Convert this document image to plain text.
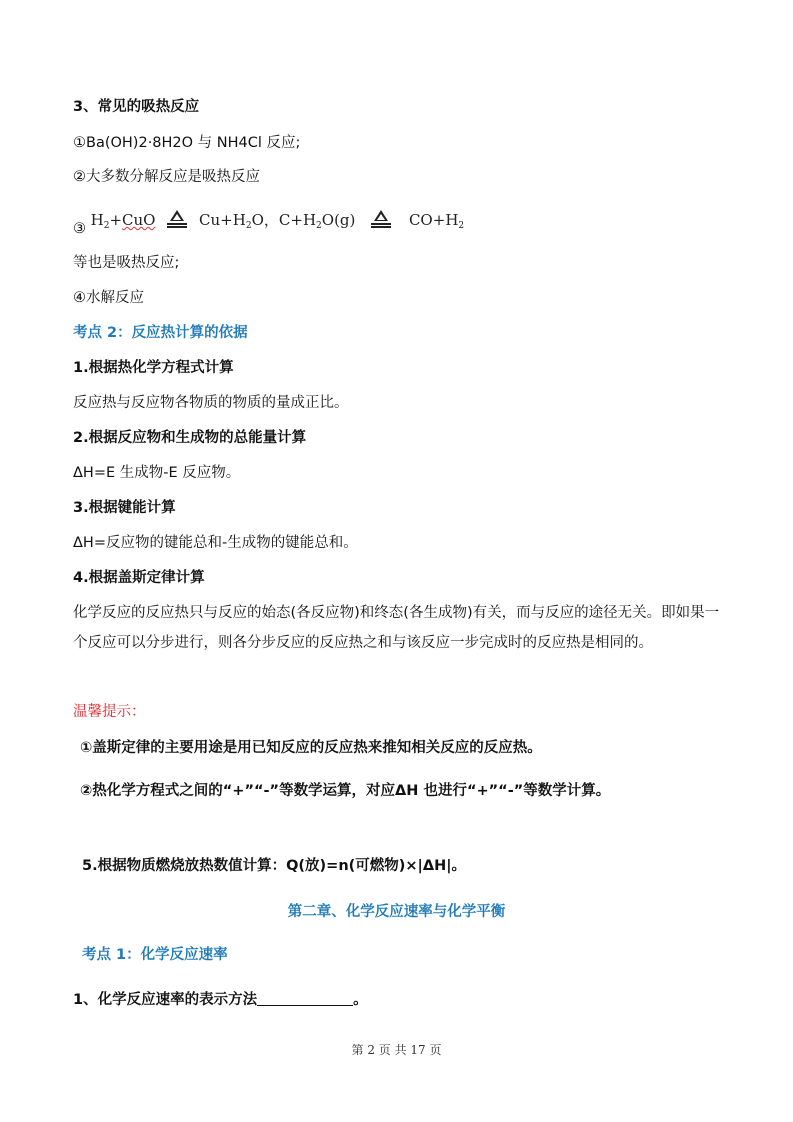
3、常见的吸热反应
①Ba(OH)2·8H2O 与 NH4Cl 反应;
②大多数分解反应是吸热反应
③ $H_2+CuO$	$Cu+H_2O$，$C+H_2O(g)$	$CO+H_2$
等也是吸热反应;
④水解反应
考点 2：反应热计算的依据
1.根据热化学方程式计算
反应热与反应物各物质的物质的量成正比。
2.根据反应物和生成物的总能量计算
ΔH=E 生成物-E 反应物。
3.根据键能计算
ΔH=反应物的键能总和-生成物的键能总和。
4.根据盖斯定律计算
化学反应的反应热只与反应的始态(各反应物)和终态(各生成物)有关，而与反应的途径无关。即如果一个反应可以分步进行，则各分步反应的反应热之和与该反应一步完成时的反应热是相同的。
温馨提示：
①盖斯定律的主要用途是用已知反应的反应热来推知相关反应的反应热。
②热化学方程式之间的“+”“-”等数学运算，对应ΔH 也进行“+”“-”等数学计算。
5.根据物质燃烧放热数值计算：Q(放)=n(可燃物)×|ΔH|。
第二章、化学反应速率与化学平衡
考点 1：化学反应速率
1、化学反应速率的表示方法	。
第 2 页 共 17 页
